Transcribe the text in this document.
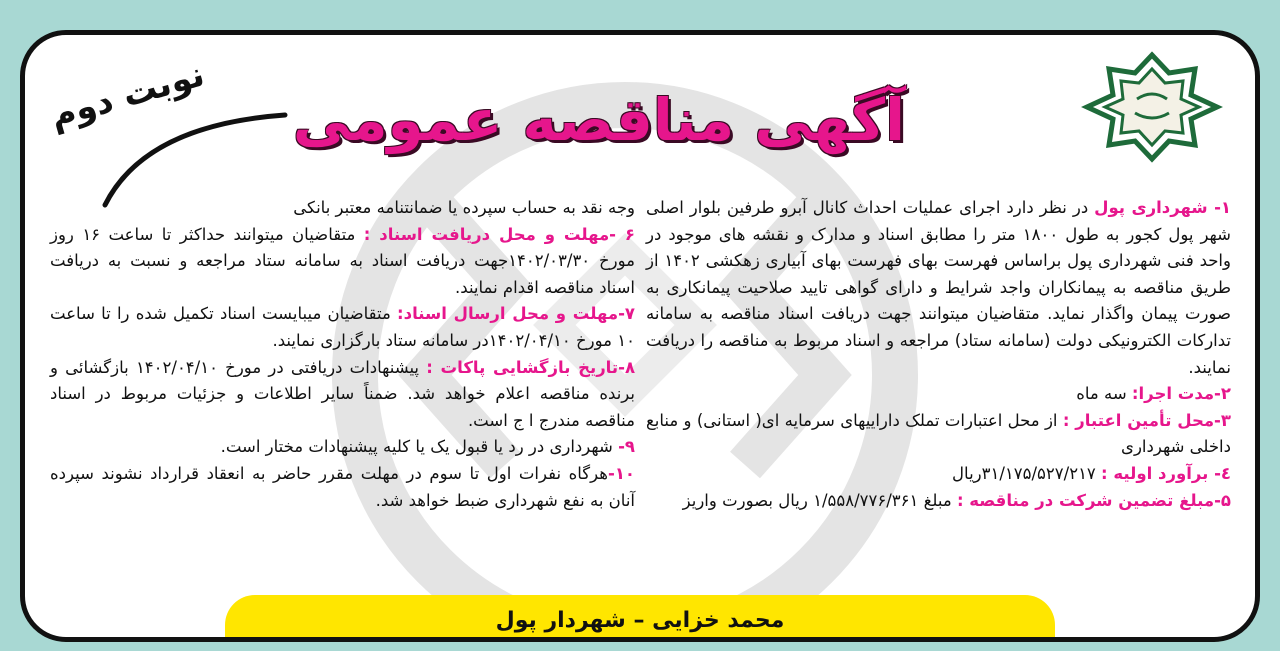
آگهی مناقصه عمومی
نوبت دوم

۱- شهرداری پول در نظر دارد اجرای عملیات احداث کانال آبرو طرفین بلوار اصلی شهر پول کجور به طول ۱۸۰۰ متر را مطابق اسناد و مدارک و نقشه های موجود در واحد فنی شهرداری پول براساس فهرست بهای فهرست بهای آبیاری زهکشی ۱۴۰۲ از طریق مناقصه به پیمانکاران واجد شرایط و دارای گواهی تایید صلاحیت پیمانکاری به صورت پیمان واگذار نماید. متقاضیان میتوانند جهت دریافت اسناد مناقصه به سامانه تدارکات الکترونیکی دولت (سامانه ستاد) مراجعه و اسناد مربوط به مناقصه را دریافت نمایند.

۲-مدت اجرا: سه ماه

۳-محل تأمین اعتبار : از محل اعتبارات تملک داراییهای سرمایه ای( استانی) و منابع داخلی شهرداری

٤- برآورد اولیه : ۳۱/۱۷۵/۵۲۷/۲۱۷ریال

۵-مبلغ تضمین شرکت در مناقصه : مبلغ ۱/۵۵۸/۷۷۶/۳۶۱ ریال بصورت واریز

وجه نقد به حساب سپرده یا ضمانتنامه معتبر بانکی

۶ -مهلت و محل دریافت اسناد : متقاضیان میتوانند حداکثر تا ساعت ۱۶ روز مورخ ۱۴۰۲/۰۳/۳۰جهت دریافت اسناد به سامانه ستاد مراجعه و نسبت به دریافت اسناد مناقصه اقدام نمایند.

۷-مهلت و محل ارسال اسناد: متقاضیان میبایست اسناد تکمیل شده را تا ساعت ۱۰ مورخ ۱۴۰۲/۰۴/۱۰در سامانه ستاد بارگزاری نمایند.

۸-تاریخ بازگشایی پاکات : پیشنهادات دریافتی در مورخ ۱۴۰۲/۰۴/۱۰ بازگشائی و برنده مناقصه اعلام خواهد شد. ضمناً سایر اطلاعات و جزئیات مربوط در اسناد مناقصه مندرج ا ج است.

۹- شهرداری در رد یا قبول یک یا کلیه پیشنهادات مختار است.

۱۰-هرگاه نفرات اول تا سوم در مهلت مقرر حاضر به انعقاد قرارداد نشوند سپرده آنان به نفع شهرداری ضبط خواهد شد.

محمد خزایی – شهردار پول
